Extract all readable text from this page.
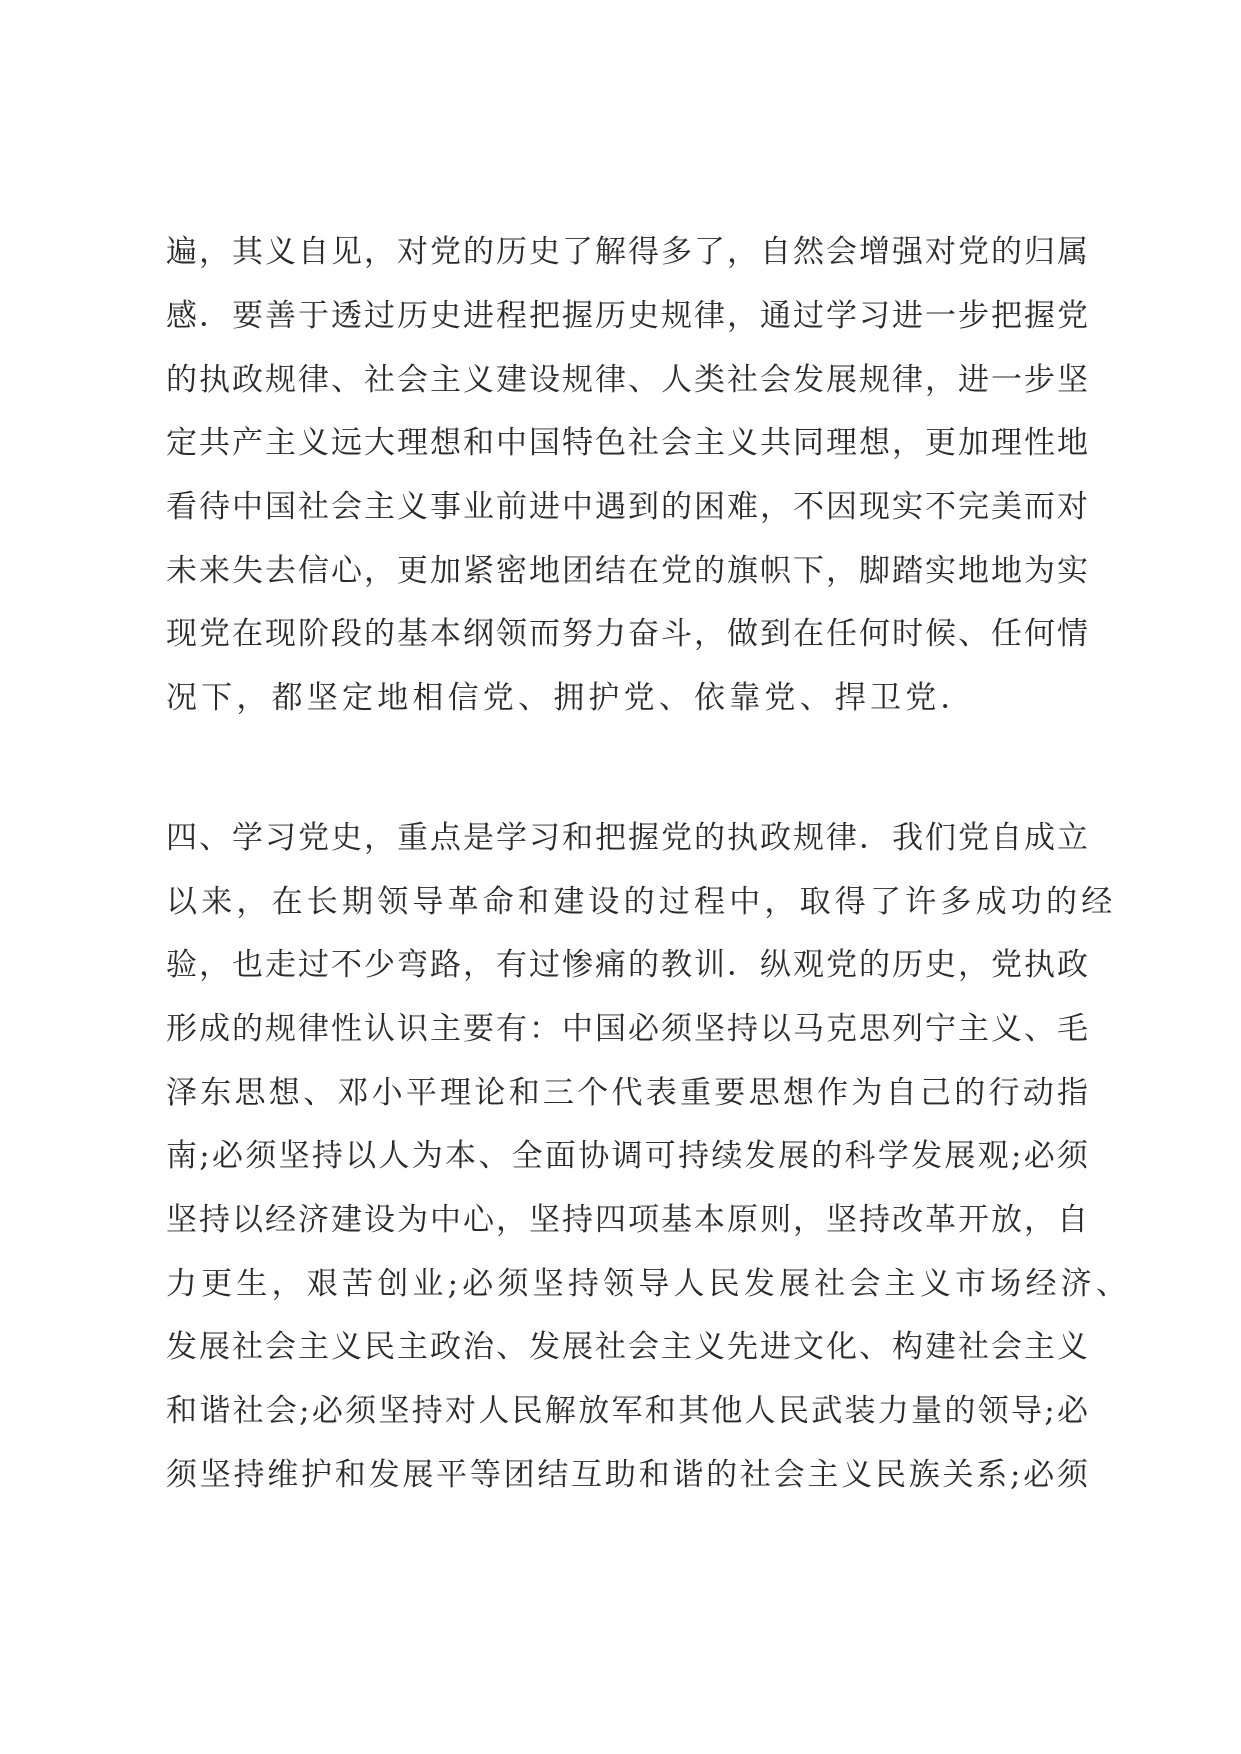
遍，其义自见，对党的历史了解得多了，自然会增强对党的归属
感．要善于透过历史进程把握历史规律，通过学习进一步把握党
的执政规律、社会主义建设规律、人类社会发展规律，进一步坚
定共产主义远大理想和中国特色社会主义共同理想，更加理性地
看待中国社会主义事业前进中遇到的困难，不因现实不完美而对
未来失去信心，更加紧密地团结在党的旗帜下，脚踏实地地为实
现党在现阶段的基本纲领而努力奋斗，做到在任何时候、任何情
况下，都坚定地相信党、拥护党、依靠党、捍卫党．
四、学习党史，重点是学习和把握党的执政规律．我们党自成立
以来，在长期领导革命和建设的过程中，取得了许多成功的经
验，也走过不少弯路，有过惨痛的教训．纵观党的历史，党执政
形成的规律性认识主要有：中国必须坚持以马克思列宁主义、毛
泽东思想、邓小平理论和三个代表重要思想作为自己的行动指
南;必须坚持以人为本、全面协调可持续发展的科学发展观;必须
坚持以经济建设为中心，坚持四项基本原则，坚持改革开放，自
力更生，艰苦创业;必须坚持领导人民发展社会主义市场经济、
发展社会主义民主政治、发展社会主义先进文化、构建社会主义
和谐社会;必须坚持对人民解放军和其他人民武装力量的领导;必
须坚持维护和发展平等团结互助和谐的社会主义民族关系;必须
